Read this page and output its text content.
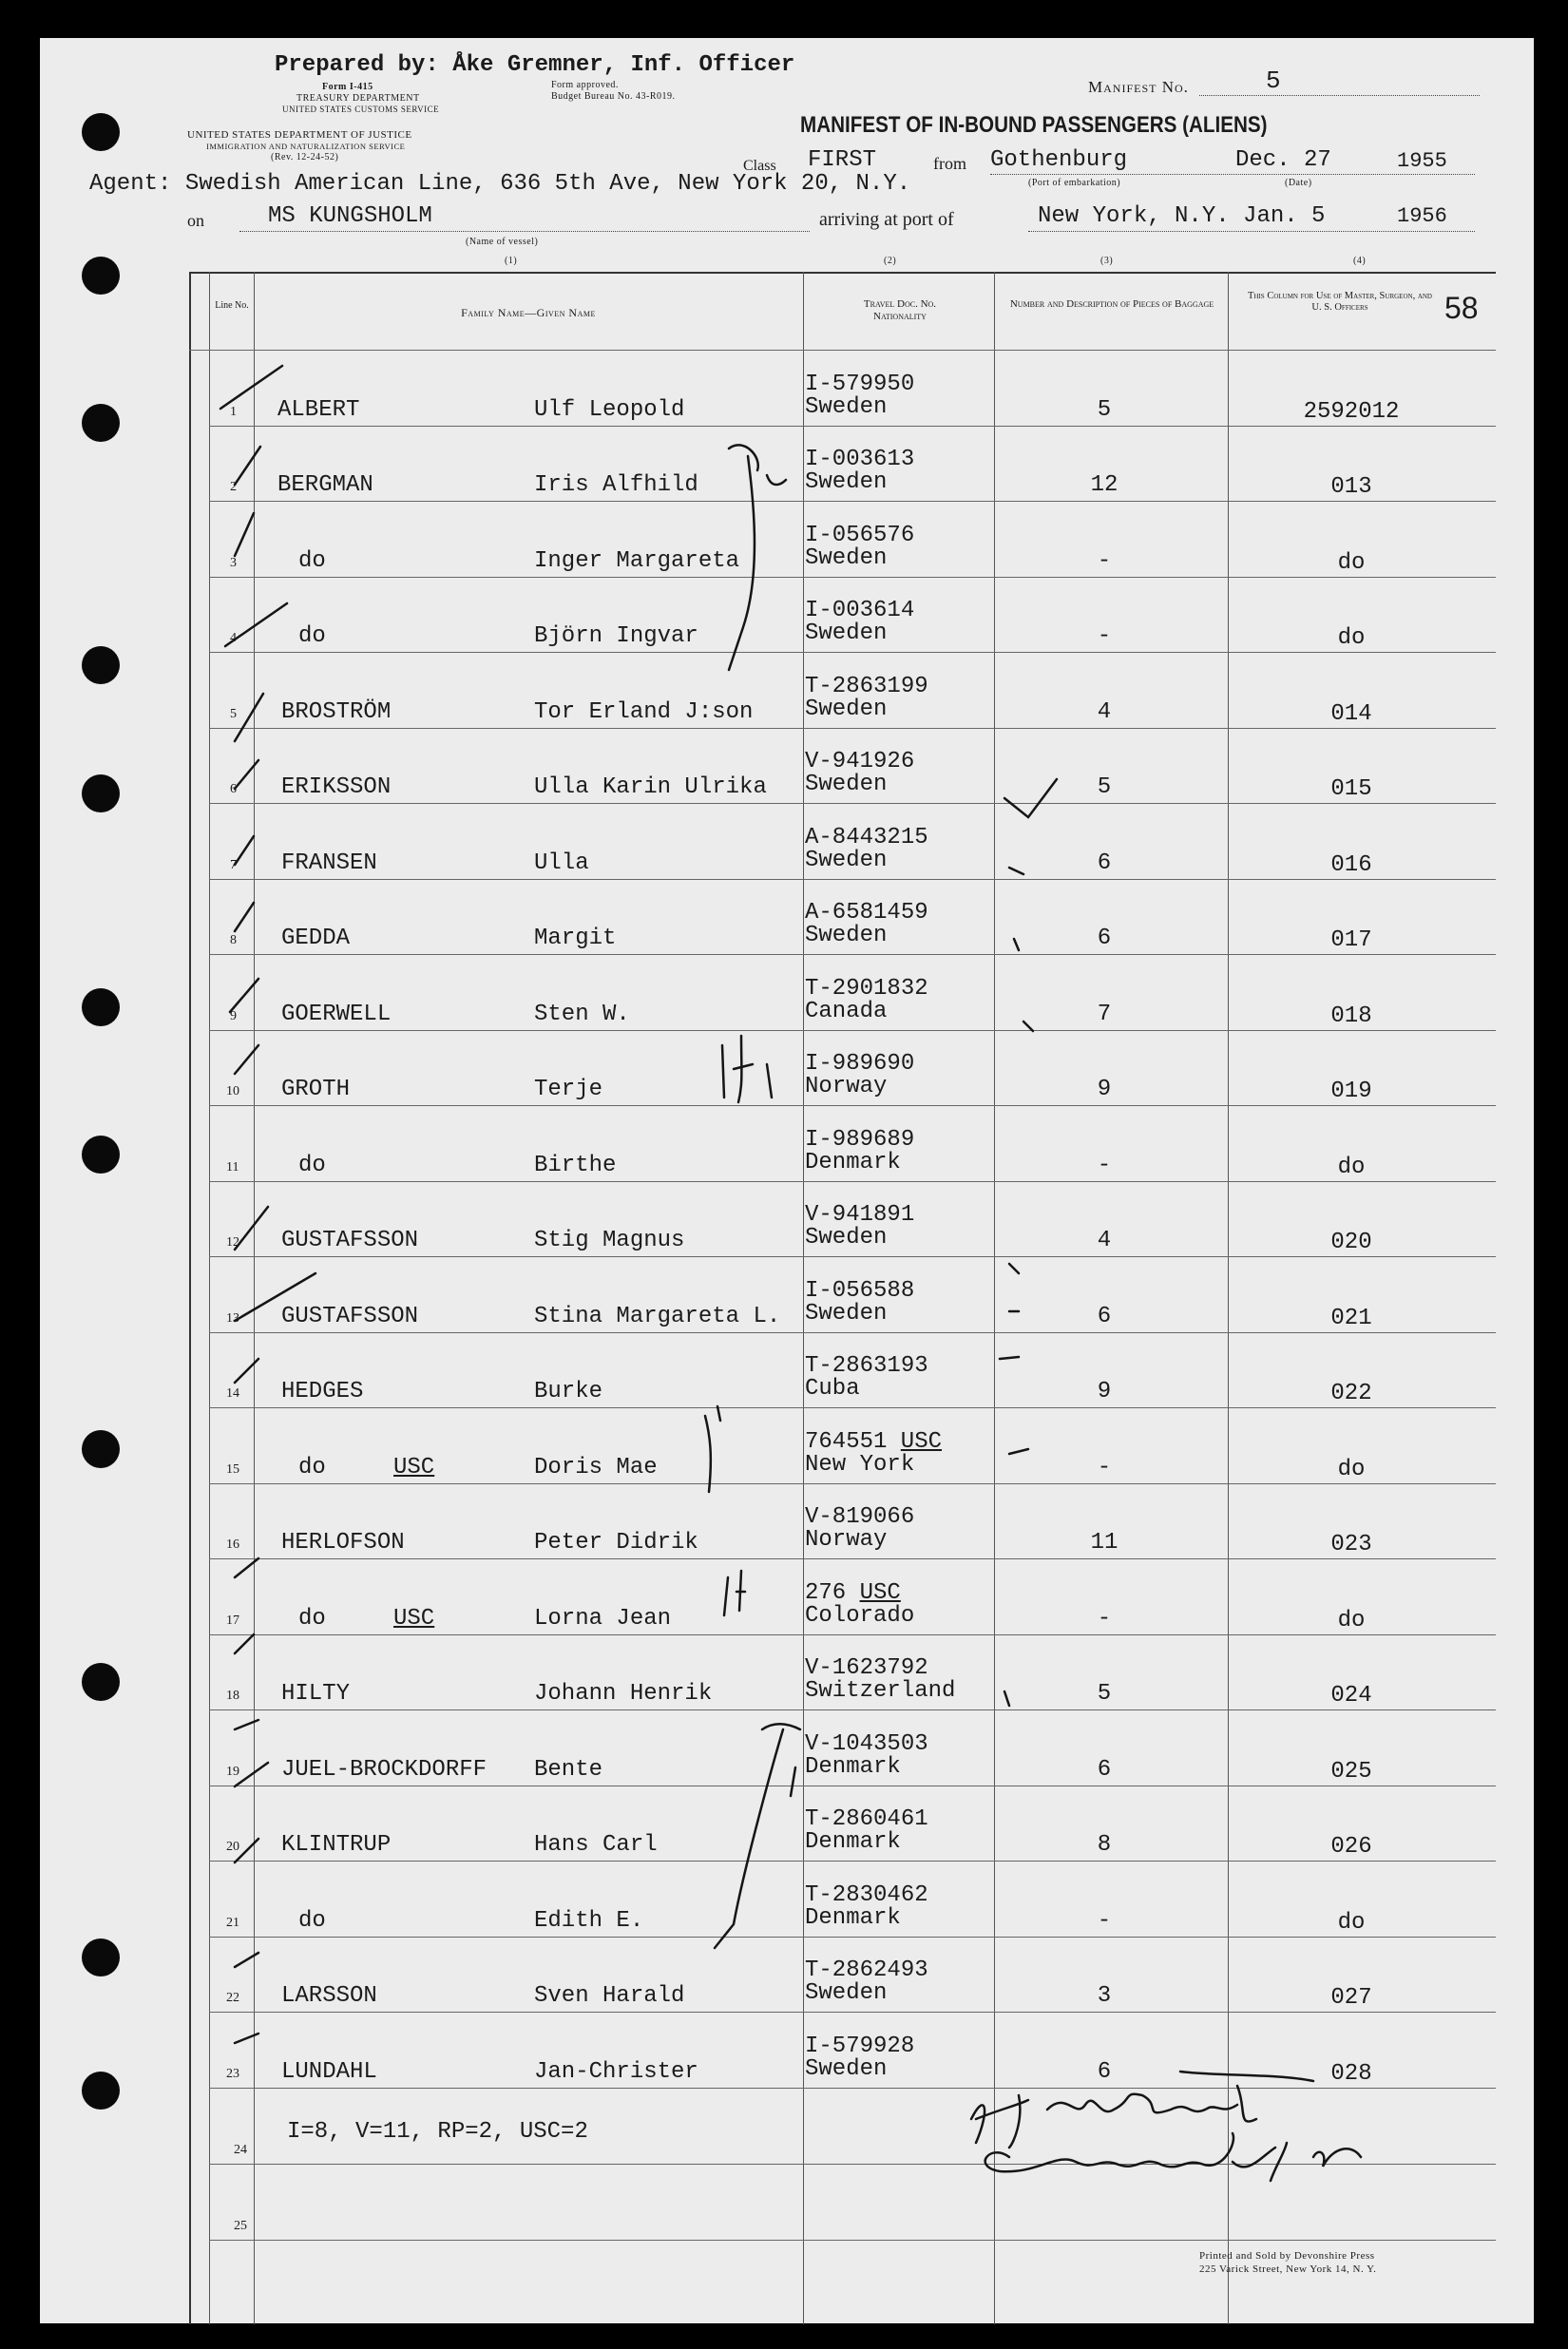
Prepared by: Åke Gremner, Inf. Officer
Form I-415
TREASURY DEPARTMENT
UNITED STATES CUSTOMS SERVICE
Form approved.
Budget Bureau No. 43-R019.
UNITED STATES DEPARTMENT OF JUSTICE
IMMIGRATION AND NATURALIZATION SERVICE
(Rev. 12-24-52)
Manifest No.	5
MANIFEST OF IN-BOUND PASSENGERS (ALIENS)
Agent: Swedish American Line, 636 5th Ave, New York 20, N.Y.
Class FIRST	from Gothenburg
(Port of embarkation)
Dec. 27	1955
(Date)
on	MS KUNGSHOLM
(Name of vessel)
arriving at port of	New York, N.Y. Jan. 5	1956
(1)	(2)	(3)	(4)
Line No.
Family Name—Given Name
Travel Doc. No. Nationality
Number and Description of Pieces of Baggage
This Column for Use of Master, Surgeon, and U. S. Officers	58
1 ALBERT	Ulf Leopold
I-579950
Sweden	5	2592012
2 BERGMAN	Iris Alfhild
I-003613
Sweden	12	013
3	do	Inger Margareta
I-056576
Sweden	-	do
4	do	Björn Ingvar
I-003614
Sweden	-	do
5 BROSTRÖM	Tor Erland J:son
T-2863199
Sweden	4	014
6 ERIKSSON	Ulla Karin Ulrika
V-941926
Sweden	5	015
7 FRANSEN	Ulla
A-8443215
Sweden	6	016
8 GEDDA	Margit
A-6581459
Sweden	6	017
9 GOERWELL	Sten W.
T-2901832
Canada	7	018
10 GROTH	Terje
I-989690
Norway	9	019
11	do	Birthe
I-989689
Denmark	-	do
12 GUSTAFSSON	Stig Magnus
V-941891
Sweden	4	020
13 GUSTAFSSON	Stina Margareta L.
I-056588
Sweden	6	021
14 HEDGES	Burke
T-2863193
Cuba	9	022
15	do	USC	Doris Mae
764551 USC
New York	-	do
16 HERLOFSON	Peter Didrik
V-819066
Norway	11	023
17	do	USC	Lorna Jean
276 USC
Colorado	-	do
18 HILTY	Johann Henrik
V-1623792
Switzerland	5	024
19 JUEL-BROCKDORFF Bente
V-1043503
Denmark	6	025
20 KLINTRUP	Hans Carl
T-2860461
Denmark	8	026
21	do	Edith E.
T-2830462
Denmark	-	do
22 LARSSON	Sven Harald
T-2862493
Sweden	3	027
23 LUNDAHL	Jan-Christer
I-579928
Sweden	6	028
24
I=8, V=11, RP=2, USC=2
25
Printed and Sold by Devonshire Press
225 Varick Street, New York 14, N. Y.
